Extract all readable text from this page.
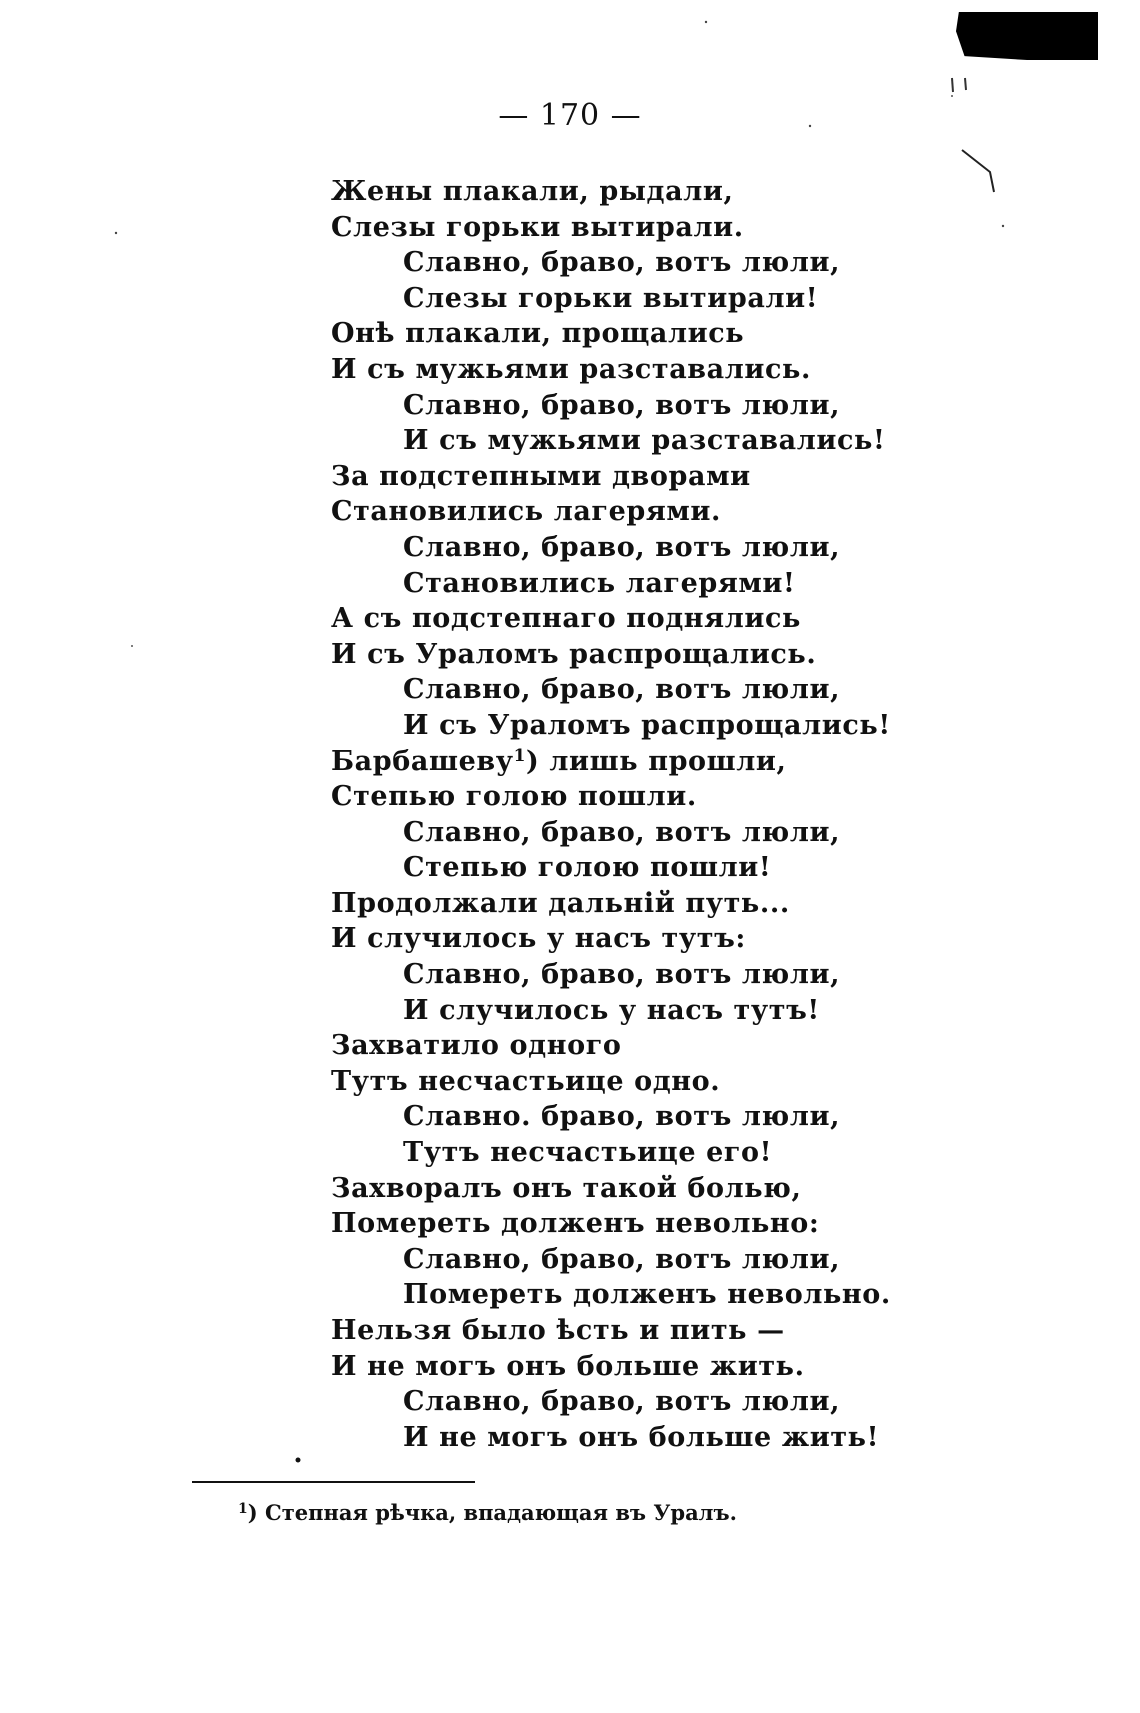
— 170 —
Жены плакали, рыдали,
Слезы горьки вытирали.
Славно, браво, вотъ люли,
Слезы горьки вытирали!
Онѣ плакали, прощались
И съ мужьями разставались.
Славно, браво, вотъ люли,
И съ мужьями разставались!
За подстепными дворами
Становились лагерями.
Славно, браво, вотъ люли,
Становились лагерями!
А съ подстепнаго поднялись
И съ Ураломъ распрощались.
Славно, браво, вотъ люли,
И съ Ураломъ распрощались!
Барбашеву$^1$) лишь прошли,
Степью голою пошли.
Славно, браво, вотъ люли,
Степью голою пошли!
Продолжали дальній путь...
И случилось у насъ тутъ:
Славно, браво, вотъ люли,
И случилось у насъ тутъ!
Захватило одного
Тутъ несчастьице одно.
Славно. браво, вотъ люли,
Тутъ несчастьице его!
Захворалъ онъ такой болью,
Помереть долженъ невольно:
Славно, браво, вотъ люли,
Помереть долженъ невольно.
Нельзя было ѣсть и пить —
И не могъ онъ больше жить.
Славно, браво, вотъ люли,
И не могъ онъ больше жить!
$^1$) Степная рѣчка, впадающая въ Уралъ.
